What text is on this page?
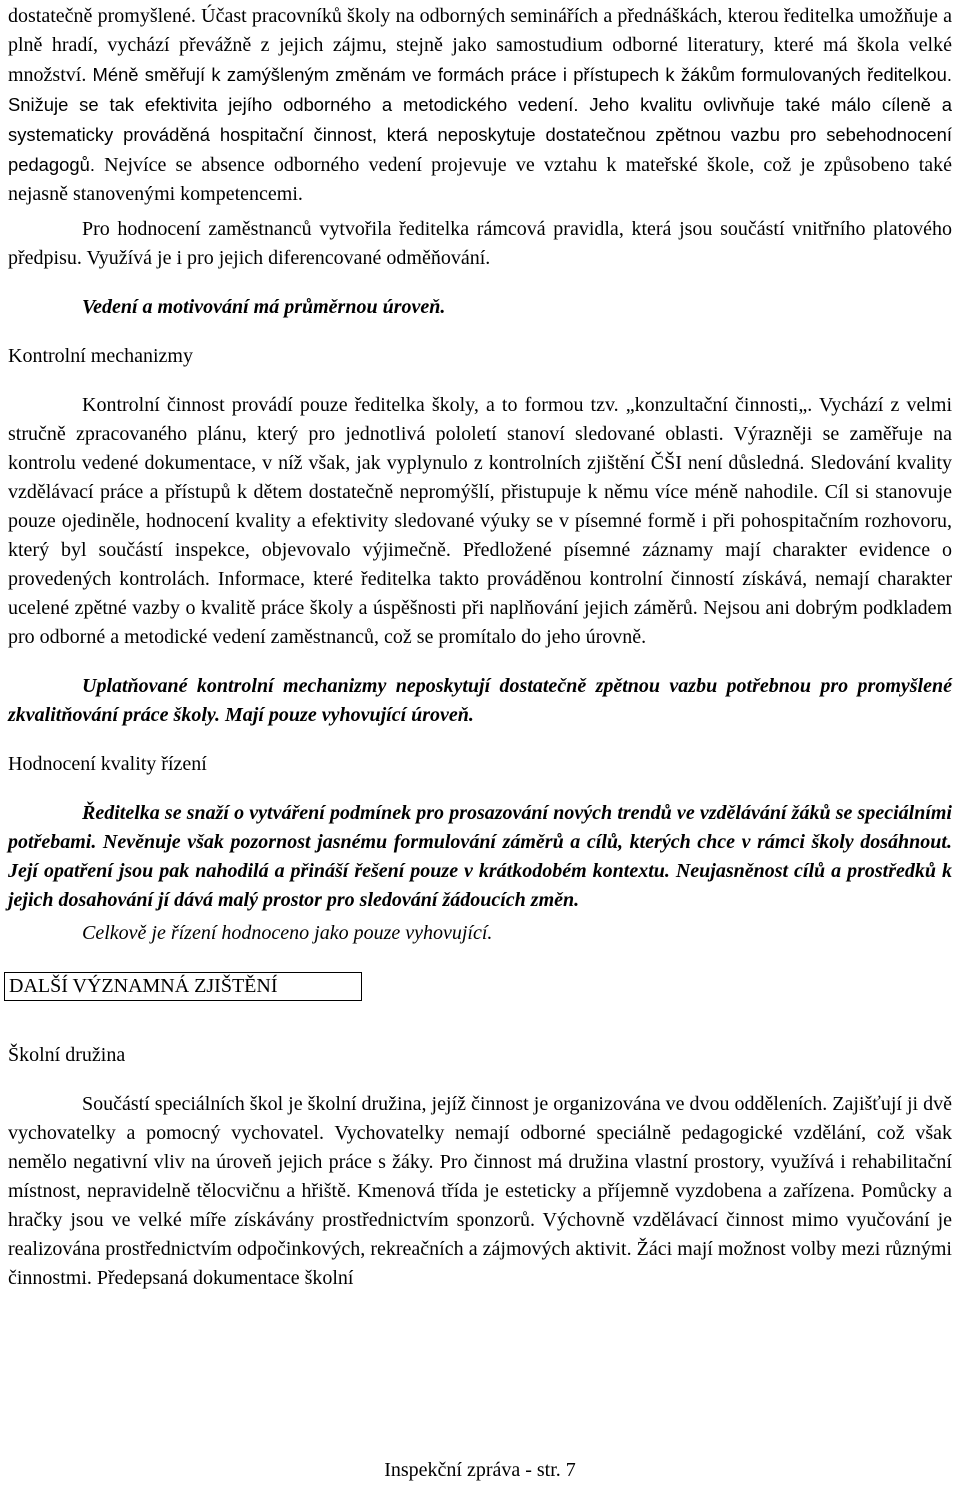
dostatečně promyšlené. Účast pracovníků školy na odborných seminářích a přednáškách, kterou ředitelka umožňuje a plně hradí, vychází převážně z jejich zájmu, stejně jako samostudium odborné literatury, které má škola velké množství. Méně směřují k zamýšleným změnám ve formách práce i přístupech k žákům formulovaných ředitelkou. Snižuje se tak efektivita jejího odborného a metodického vedení. Jeho kvalitu ovlivňuje také málo cíleně a systematicky prováděná hospitační činnost, která neposkytuje dostatečnou zpětnou vazbu pro sebehodnocení pedagogů. Nejvíce se absence odborného vedení projevuje ve vztahu k mateřské škole, což je způsobeno také nejasně stanovenými kompetencemi.

Pro hodnocení zaměstnanců vytvořila ředitelka rámcová pravidla, která jsou součástí vnitřního platového předpisu. Využívá je i pro jejich diferencované odměňování.

Vedení a motivování má průměrnou úroveň.

Kontrolní mechanizmy

Kontrolní činnost provádí pouze ředitelka školy, a to formou tzv. „konzultační činnosti„. Vychází z velmi stručně zpracovaného plánu, který pro jednotlivá pololetí stanoví sledované oblasti. Výrazněji se zaměřuje na kontrolu vedené dokumentace, v níž však, jak vyplynulo z kontrolních zjištění ČŠI není důsledná. Sledování kvality vzdělávací práce a přístupů k dětem dostatečně nepromýšlí, přistupuje k němu více méně nahodile. Cíl si stanovuje pouze ojediněle, hodnocení kvality a efektivity sledované výuky se v písemné formě i při pohospitačním rozhovoru, který byl součástí inspekce, objevovalo výjimečně. Předložené písemné záznamy mají charakter evidence o provedených kontrolách. Informace, které ředitelka takto prováděnou kontrolní činností získává, nemají charakter ucelené zpětné vazby o kvalitě práce školy a úspěšnosti při naplňování jejich záměrů. Nejsou ani dobrým podkladem pro odborné a metodické vedení zaměstnanců, což se promítalo do jeho úrovně.

Uplatňované kontrolní mechanizmy neposkytují dostatečně zpětnou vazbu potřebnou pro promyšlené zkvalitňování práce školy. Mají pouze vyhovující úroveň.

Hodnocení kvality řízení

Ředitelka se snaží o vytváření podmínek pro prosazování nových trendů ve vzdělávání žáků se speciálními potřebami. Nevěnuje však pozornost jasnému formulování záměrů a cílů, kterých chce v rámci školy dosáhnout. Její opatření jsou pak nahodilá a přináší řešení pouze v krátkodobém kontextu. Neujasněnost cílů a prostředků k jejich dosahování jí dává malý prostor pro sledování žádoucích změn.

Celkově je řízení hodnoceno jako pouze vyhovující.

DALŠÍ VÝZNAMNÁ ZJIŠTĚNÍ

Školní družina

Součástí speciálních škol je školní družina, jejíž činnost je organizována ve dvou odděleních. Zajišťují ji dvě vychovatelky a pomocný vychovatel. Vychovatelky nemají odborné speciálně pedagogické vzdělání, což však nemělo negativní vliv na úroveň jejich práce s žáky. Pro činnost má družina vlastní prostory, využívá i rehabilitační místnost, nepravidelně tělocvičnu a hřiště. Kmenová třída je esteticky a příjemně vyzdobena a zařízena. Pomůcky a hračky jsou ve velké míře získávány prostřednictvím sponzorů. Výchovně vzdělávací činnost mimo vyučování je realizována prostřednictvím odpočinkových, rekreačních a zájmových aktivit. Žáci mají možnost volby mezi různými činnostmi. Předepsaná dokumentace školní

Inspekční zpráva - str. 7
